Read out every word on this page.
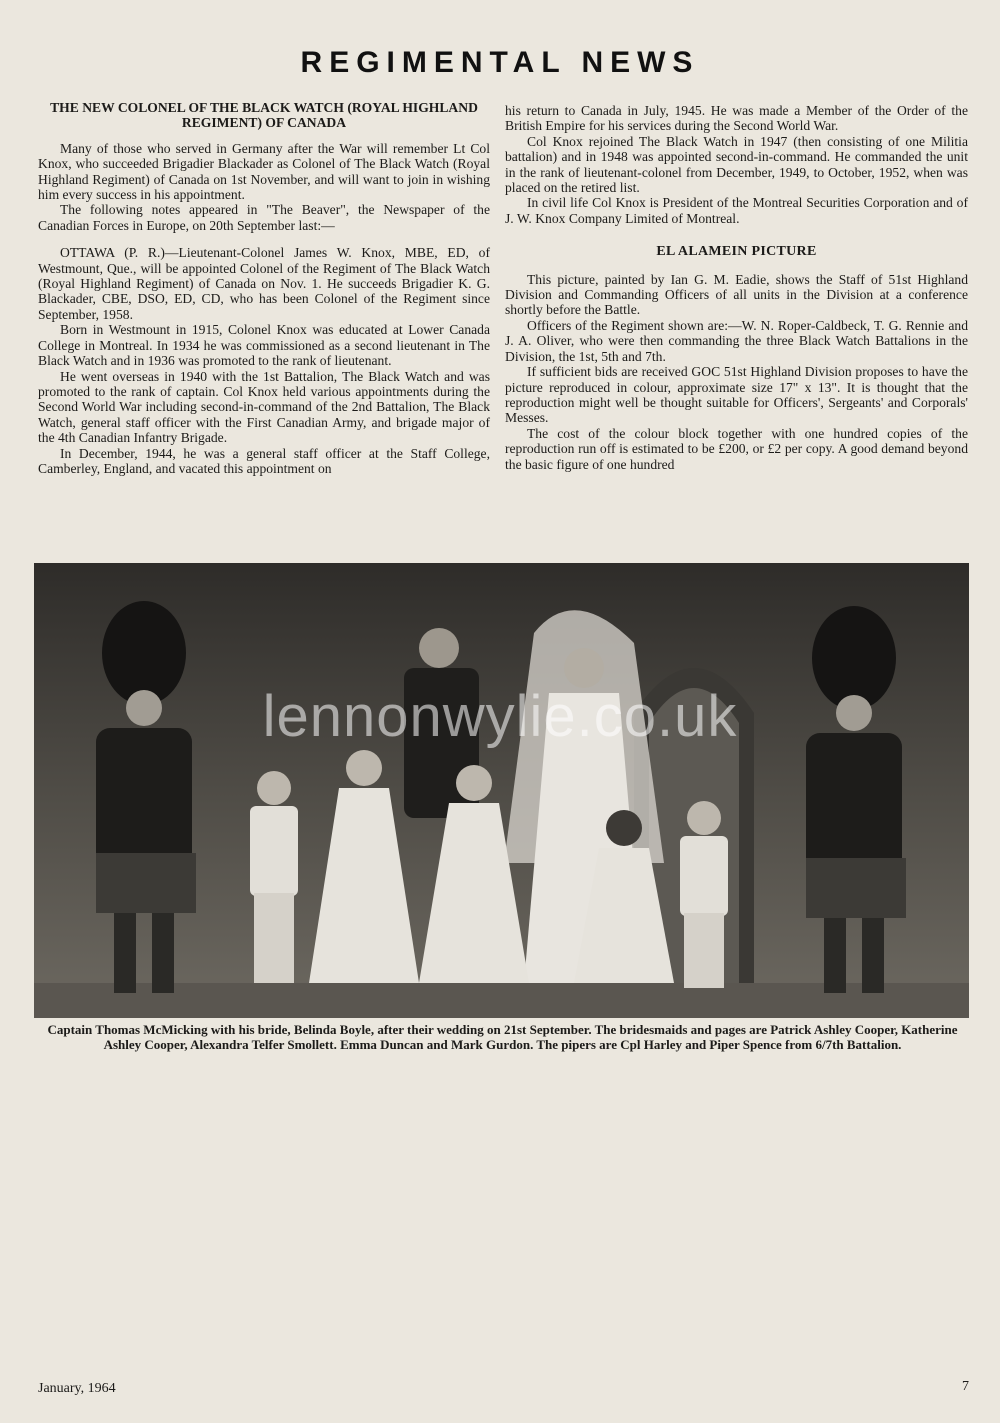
REGIMENTAL NEWS
THE NEW COLONEL OF THE BLACK WATCH (ROYAL HIGHLAND REGIMENT) OF CANADA

Many of those who served in Germany after the War will remember Lt Col Knox, who succeeded Brigadier Blackader as Colonel of The Black Watch (Royal Highland Regiment) of Canada on 1st November, and will want to join in wishing him every success in his appointment.

The following notes appeared in "The Beaver", the Newspaper of the Canadian Forces in Europe, on 20th September last:—

OTTAWA (P. R.)—Lieutenant-Colonel James W. Knox, MBE, ED, of Westmount, Que., will be appointed Colonel of the Regiment of The Black Watch (Royal Highland Regiment) of Canada on Nov. 1. He succeeds Brigadier K. G. Blackader, CBE, DSO, ED, CD, who has been Colonel of the Regiment since September, 1958.

Born in Westmount in 1915, Colonel Knox was educated at Lower Canada College in Montreal. In 1934 he was commissioned as a second lieutenant in The Black Watch and in 1936 was promoted to the rank of lieutenant.

He went overseas in 1940 with the 1st Battalion, The Black Watch and was promoted to the rank of captain. Col Knox held various appointments during the Second World War including second-in-command of the 2nd Battalion, The Black Watch, general staff officer with the First Canadian Army, and brigade major of the 4th Canadian Infantry Brigade.

In December, 1944, he was a general staff officer at the Staff College, Camberley, England, and vacated this appointment on

his return to Canada in July, 1945. He was made a Member of the Order of the British Empire for his services during the Second World War.

Col Knox rejoined The Black Watch in 1947 (then consisting of one Militia battalion) and in 1948 was appointed second-in-command. He commanded the unit in the rank of lieutenant-colonel from December, 1949, to October, 1952, when was placed on the retired list.

In civil life Col Knox is President of the Montreal Securities Corporation and of J. W. Knox Company Limited of Montreal.

EL ALAMEIN PICTURE

This picture, painted by Ian G. M. Eadie, shows the Staff of 51st Highland Division and Commanding Officers of all units in the Division at a conference shortly before the Battle.

Officers of the Regiment shown are:—W. N. Roper-Caldbeck, T. G. Rennie and J. A. Oliver, who were then commanding the three Black Watch Battalions in the Division, the 1st, 5th and 7th.

If sufficient bids are received GOC 51st Highland Division proposes to have the picture reproduced in colour, approximate size 17" x 13". It is thought that the reproduction might well be thought suitable for Officers', Sergeants' and Corporals' Messes.

The cost of the colour block together with one hundred copies of the reproduction run off is estimated to be £200, or £2 per copy. A good demand beyond the basic figure of one hundred

lennonwylie.co.uk
Captain Thomas McMicking with his bride, Belinda Boyle, after their wedding on 21st September. The bridesmaids and pages are Patrick Ashley Cooper, Katherine Ashley Cooper, Alexandra Telfer Smollett. Emma Duncan and Mark Gurdon. The pipers are Cpl Harley and Piper Spence from 6/7th Battalion.
January, 1964	7
